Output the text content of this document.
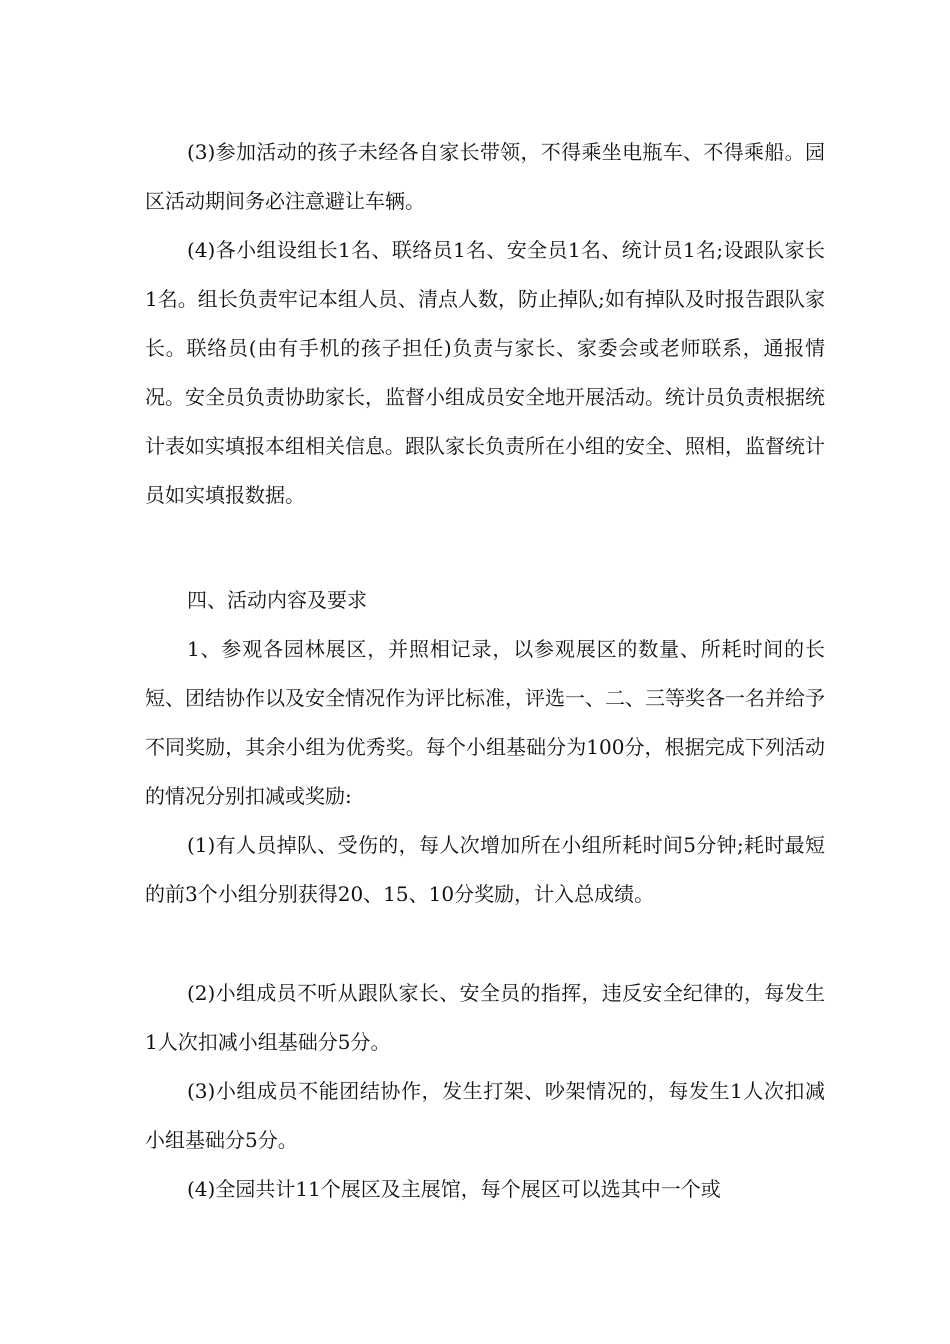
(3)参加活动的孩子未经各自家长带领，不得乘坐电瓶车、不得乘船。园区活动期间务必注意避让车辆。

(4)各小组设组长1名、联络员1名、安全员1名、统计员1名;设跟队家长1名。组长负责牢记本组人员、清点人数，防止掉队;如有掉队及时报告跟队家长。联络员(由有手机的孩子担任)负责与家长、家委会或老师联系，通报情况。安全员负责协助家长，监督小组成员安全地开展活动。统计员负责根据统计表如实填报本组相关信息。跟队家长负责所在小组的安全、照相，监督统计员如实填报数据。

四、活动内容及要求

1、参观各园林展区，并照相记录，以参观展区的数量、所耗时间的长短、团结协作以及安全情况作为评比标准，评选一、二、三等奖各一名并给予不同奖励，其余小组为优秀奖。每个小组基础分为100分，根据完成下列活动的情况分别扣减或奖励:

(1)有人员掉队、受伤的，每人次增加所在小组所耗时间5分钟;耗时最短的前3个小组分别获得20、15、10分奖励，计入总成绩。

(2)小组成员不听从跟队家长、安全员的指挥，违反安全纪律的，每发生1人次扣减小组基础分5分。

(3)小组成员不能团结协作，发生打架、吵架情况的，每发生1人次扣减小组基础分5分。

(4)全园共计11个展区及主展馆，每个展区可以选其中一个或
